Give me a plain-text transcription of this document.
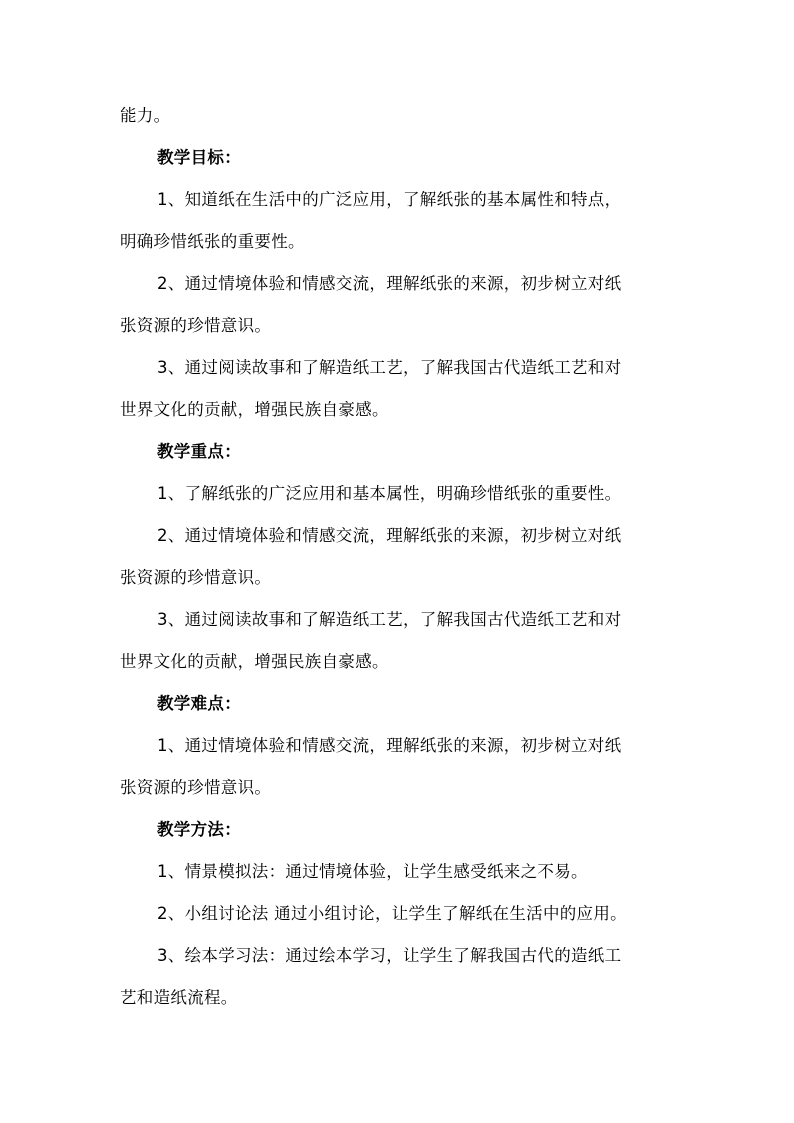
能力。
教学目标：
1、知道纸在生活中的广泛应用，了解纸张的基本属性和特点，
明确珍惜纸张的重要性。
2、通过情境体验和情感交流，理解纸张的来源，初步树立对纸
张资源的珍惜意识。
3、通过阅读故事和了解造纸工艺，了解我国古代造纸工艺和对
世界文化的贡献，增强民族自豪感。
教学重点：
1、了解纸张的广泛应用和基本属性，明确珍惜纸张的重要性。
2、通过情境体验和情感交流，理解纸张的来源，初步树立对纸
张资源的珍惜意识。
3、通过阅读故事和了解造纸工艺，了解我国古代造纸工艺和对
世界文化的贡献，增强民族自豪感。
教学难点：
1、通过情境体验和情感交流，理解纸张的来源，初步树立对纸
张资源的珍惜意识。
教学方法：
1、情景模拟法：通过情境体验，让学生感受纸来之不易。
2、小组讨论法 通过小组讨论，让学生了解纸在生活中的应用。
3、绘本学习法：通过绘本学习，让学生了解我国古代的造纸工
艺和造纸流程。
